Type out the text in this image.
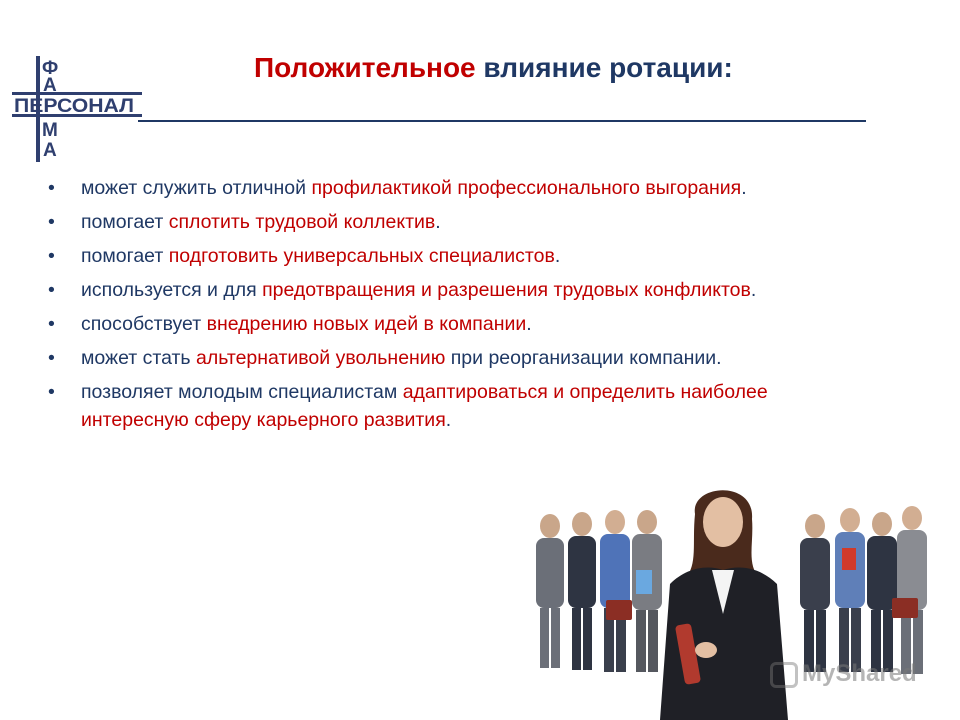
Ф
А
ПЕРСОНАЛ
М
А
Положительное влияние ротации:
• может служить отличной профилактикой профессионального выгорания.
• помогает сплотить трудовой коллектив.
• помогает подготовить универсальных специалистов.
• используется и для предотвращения и разрешения трудовых конфликтов.
• способствует внедрению новых идей в компании.
• может стать альтернативой увольнению при реорганизации компании.
• позволяет молодым специалистам адаптироваться и определить наиболее интересную сферу карьерного развития.
MyShared
